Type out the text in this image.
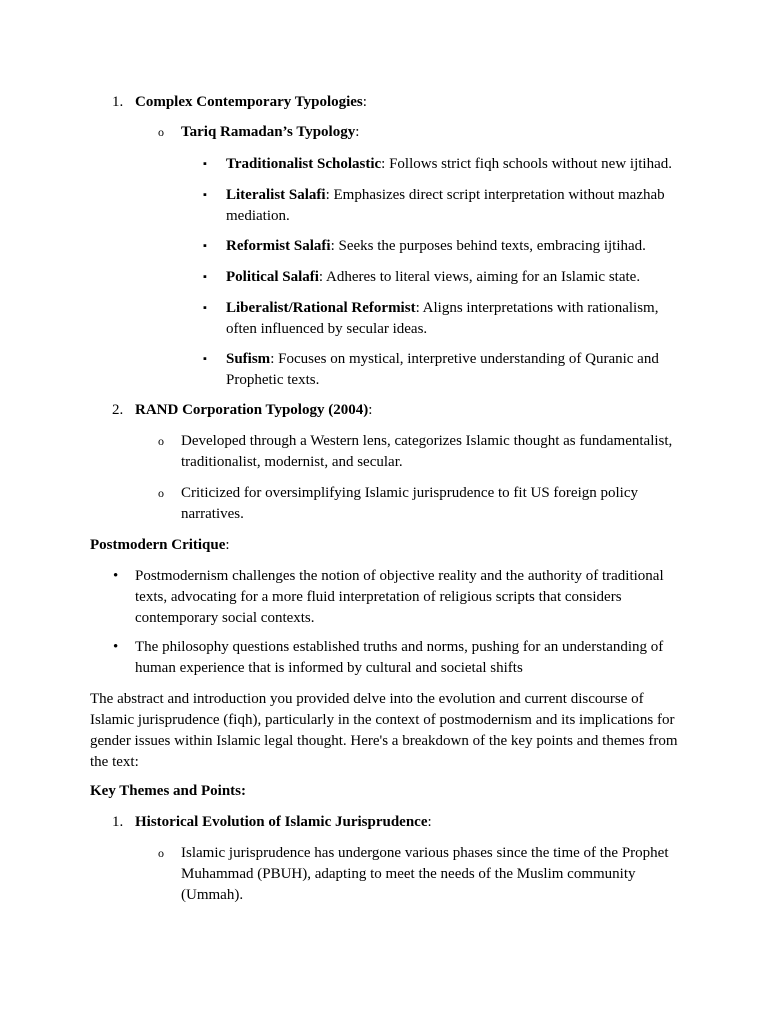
1. Complex Contemporary Typologies:
o Tariq Ramadan’s Typology:
▪ Traditionalist Scholastic: Follows strict fiqh schools without new ijtihad.
▪ Literalist Salafi: Emphasizes direct script interpretation without mazhab mediation.
▪ Reformist Salafi: Seeks the purposes behind texts, embracing ijtihad.
▪ Political Salafi: Adheres to literal views, aiming for an Islamic state.
▪ Liberalist/Rational Reformist: Aligns interpretations with rationalism, often influenced by secular ideas.
▪ Sufism: Focuses on mystical, interpretive understanding of Quranic and Prophetic texts.
2. RAND Corporation Typology (2004):
o Developed through a Western lens, categorizes Islamic thought as fundamentalist, traditionalist, modernist, and secular.
o Criticized for oversimplifying Islamic jurisprudence to fit US foreign policy narratives.
Postmodern Critique:
• Postmodernism challenges the notion of objective reality and the authority of traditional texts, advocating for a more fluid interpretation of religious scripts that considers contemporary social contexts.
• The philosophy questions established truths and norms, pushing for an understanding of human experience that is informed by cultural and societal shifts
The abstract and introduction you provided delve into the evolution and current discourse of Islamic jurisprudence (fiqh), particularly in the context of postmodernism and its implications for gender issues within Islamic legal thought. Here's a breakdown of the key points and themes from the text:
Key Themes and Points:
1. Historical Evolution of Islamic Jurisprudence:
o Islamic jurisprudence has undergone various phases since the time of the Prophet Muhammad (PBUH), adapting to meet the needs of the Muslim community (Ummah).
